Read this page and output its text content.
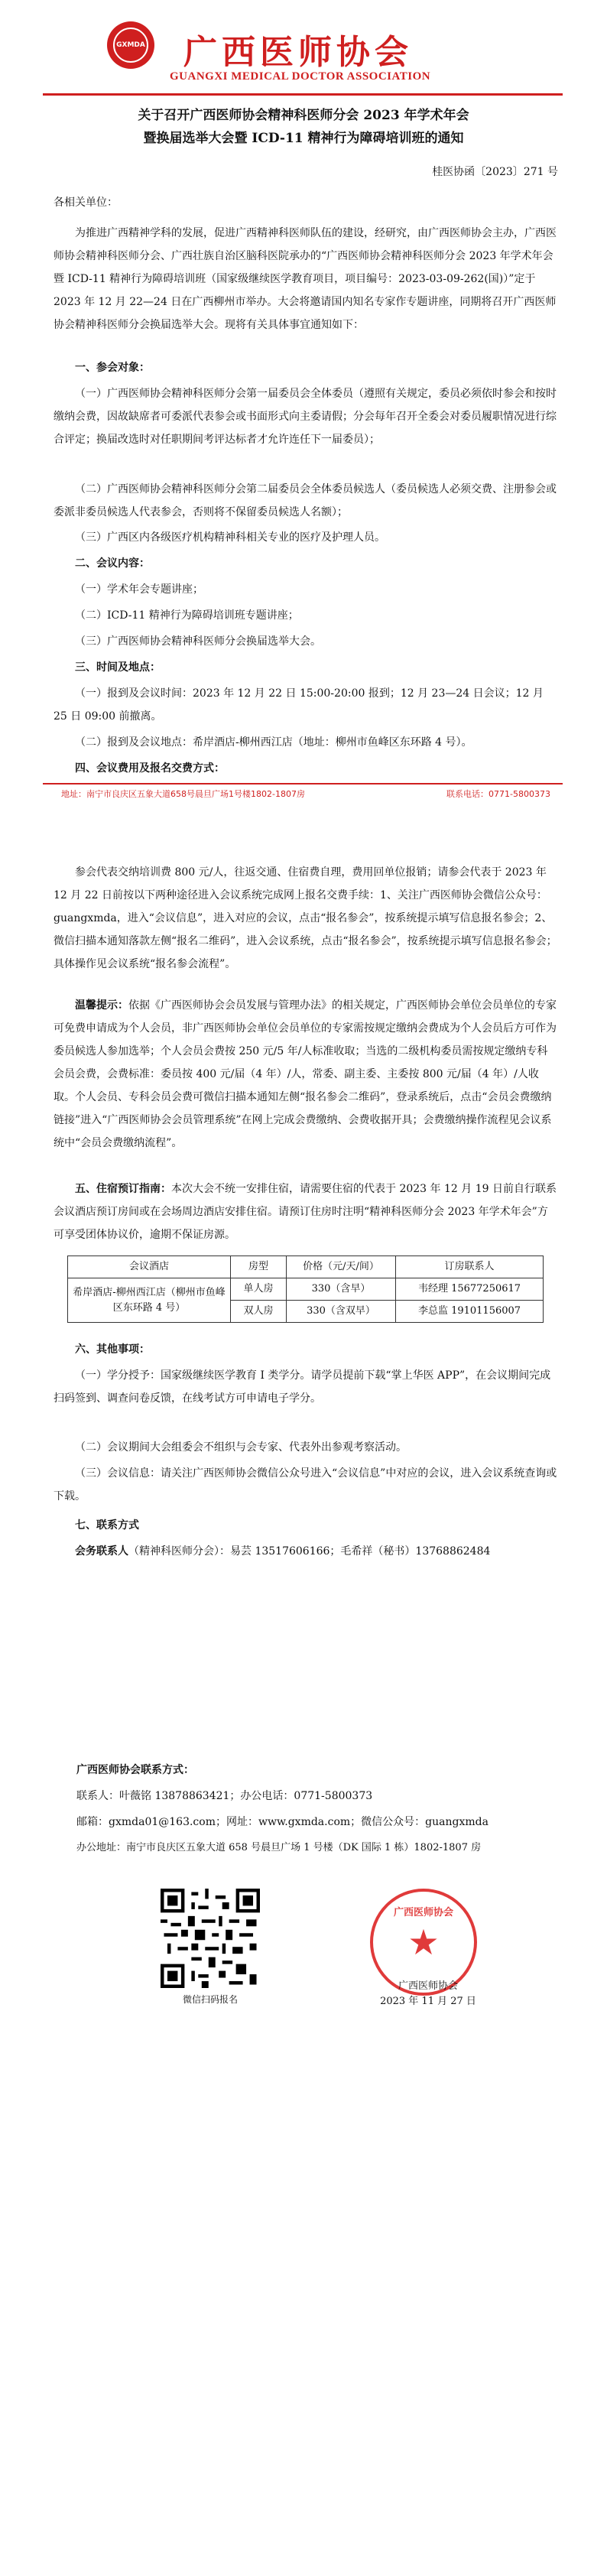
GXMDA 广西医师协会
GUANGXI MEDICAL DOCTOR ASSOCIATION
关于召开广西医师协会精神科医师分会 2023 年学术年会
暨换届选举大会暨 ICD-11 精神行为障碍培训班的通知
桂医协函〔2023〕271 号
各相关单位：
为推进广西精神学科的发展，促进广西精神科医师队伍的建设，经研究，由广西医师协会主办，广西医师协会精神科医师分会、广西壮族自治区脑科医院承办的“广西医师协会精神科医师分会 2023 年学术年会暨 ICD-11 精神行为障碍培训班（国家级继续医学教育项目，项目编号：2023-03-09-262(国)）”定于 2023 年 12 月 22—24 日在广西柳州市举办。大会将邀请国内知名专家作专题讲座，同期将召开广西医师协会精神科医师分会换届选举大会。现将有关具体事宜通知如下：
一、参会对象：
（一）广西医师协会精神科医师分会第一届委员会全体委员（遵照有关规定，委员必须依时参会和按时缴纳会费，因故缺席者可委派代表参会或书面形式向主委请假；分会每年召开全委会对委员履职情况进行综合评定；换届改选时对任职期间考评达标者才允许连任下一届委员）；
（二）广西医师协会精神科医师分会第二届委员会全体委员候选人（委员候选人必须交费、注册参会或委派非委员候选人代表参会，否则将不保留委员候选人名额）；
（三）广西区内各级医疗机构精神科相关专业的医疗及护理人员。
二、会议内容：
（一）学术年会专题讲座；
（二）ICD-11 精神行为障碍培训班专题讲座；
（三）广西医师协会精神科医师分会换届选举大会。
三、时间及地点：
（一）报到及会议时间：2023 年 12 月 22 日 15:00-20:00 报到；12 月 23—24 日会议；12 月 25 日 09:00 前撤离。
（二）报到及会议地点：希岸酒店-柳州西江店（地址：柳州市鱼峰区东环路 4 号）。
四、会议费用及报名交费方式：
地址：南宁市良庆区五象大道658号晨旦广场1号楼1802-1807房	联系电话：0771-5800373
参会代表交纳培训费 800 元/人，往返交通、住宿费自理，费用回单位报销；请参会代表于 2023 年 12 月 22 日前按以下两种途径进入会议系统完成网上报名交费手续：1、关注广西医师协会微信公众号：guangxmda，进入“会议信息”，进入对应的会议，点击“报名参会”，按系统提示填写信息报名参会；2、微信扫描本通知落款左侧“报名二维码”，进入会议系统，点击“报名参会”，按系统提示填写信息报名参会；具体操作见会议系统“报名参会流程”。
温馨提示：依据《广西医师协会会员发展与管理办法》的相关规定，广西医师协会单位会员单位的专家可免费申请成为个人会员，非广西医师协会单位会员单位的专家需按规定缴纳会费成为个人会员后方可作为委员候选人参加选举；个人会员会费按 250 元/5 年/人标准收取；当选的二级机构委员需按规定缴纳专科会员会费，会费标准：委员按 400 元/届（4 年）/人，常委、副主委、主委按 800 元/届（4 年）/人收取。个人会员、专科会员会费可微信扫描本通知左侧“报名参会二维码”，登录系统后，点击“会员会费缴纳链接”进入“广西医师协会会员管理系统”在网上完成会费缴纳、会费收据开具；会费缴纳操作流程见会议系统中“会员会费缴纳流程”。
五、住宿预订指南：本次大会不统一安排住宿，请需要住宿的代表于 2023 年 12 月 19 日前自行联系会议酒店预订房间或在会场周边酒店安排住宿。请预订住房时注明“精神科医师分会 2023 年学术年会”方可享受团体协议价，逾期不保证房源。
会议酒店	房型	价格（元/天/间）	订房联系人
希岸酒店-柳州西江店（柳州市鱼峰区东环路 4 号）	单人房	330（含早）	韦经理 15677250617
	双人房	330（含双早）	李总监 19101156007
六、其他事项：
（一）学分授予：国家级继续医学教育 I 类学分。请学员提前下载“掌上华医 APP”，在会议期间完成扫码签到、调查问卷反馈，在线考试方可申请电子学分。
（二）会议期间大会组委会不组织与会专家、代表外出参观考察活动。
（三）会议信息：请关注广西医师协会微信公众号进入“会议信息”中对应的会议，进入会议系统查询或下载。
七、联系方式
会务联系人（精神科医师分会）：易芸 13517606166；毛希祥（秘书）13768862484
广西医师协会联系方式：
联系人：叶薇铭 13878863421；办公电话：0771-5800373
邮箱：gxmda01@163.com；网址：www.gxmda.com；微信公众号：guangxmda
办公地址：南宁市良庆区五象大道 658 号晨旦广场 1 号楼（DK 国际 1 栋）1802-1807 房
微信扫码报名
★
广西医师协会
广西医师协会
2023 年 11 月 27 日
